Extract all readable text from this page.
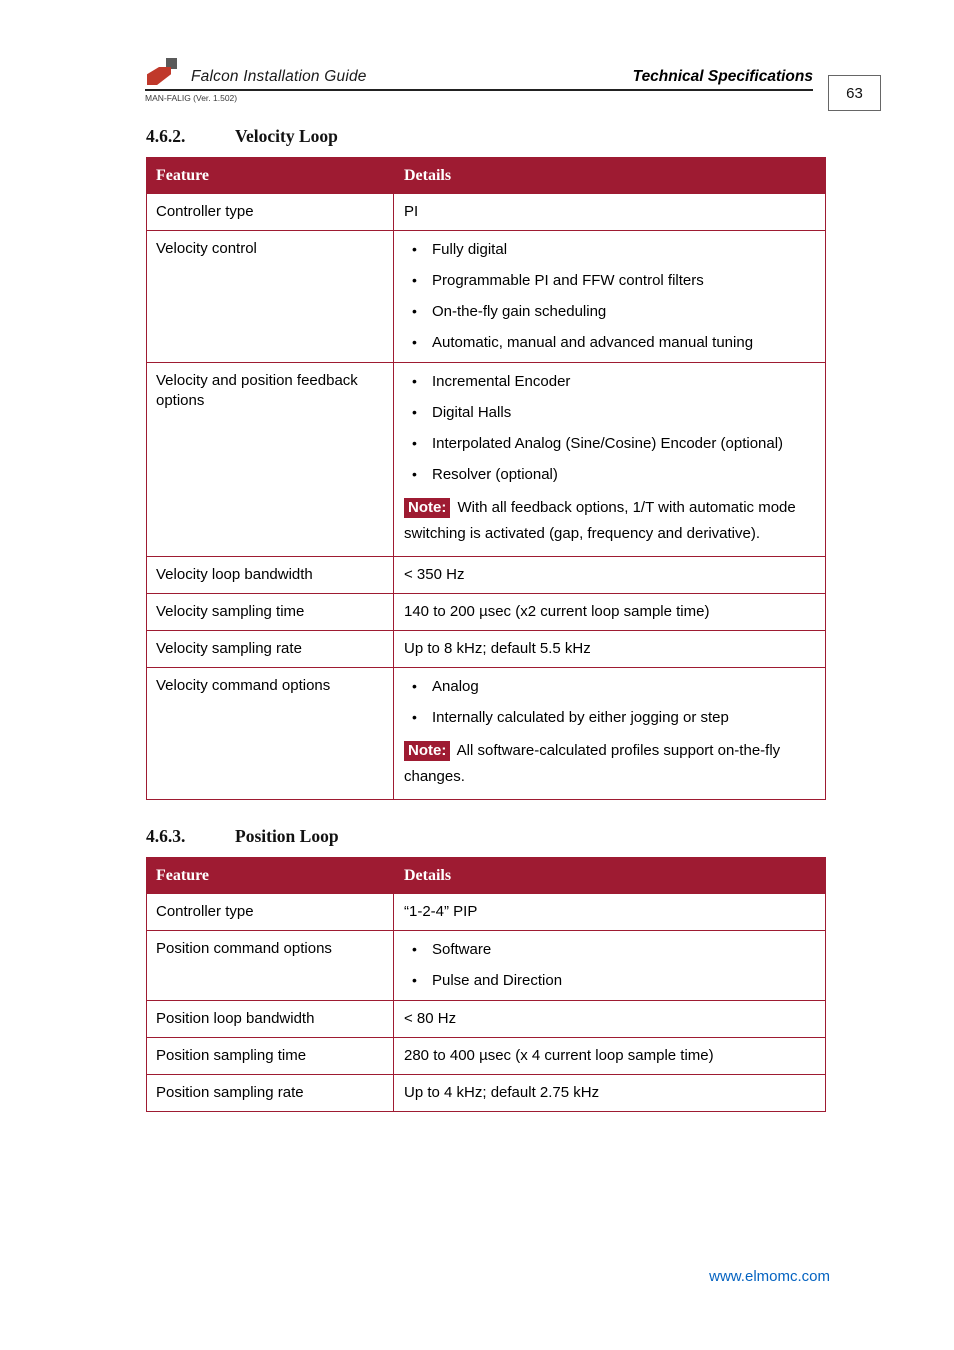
Falcon Installation Guide	Technical Specifications
MAN-FALIG (Ver. 1.502)	63
4.6.2.	Velocity Loop
Feature	Details
Controller type	PI
Velocity control	•	Fully digital
•	Programmable PI and FFW control filters
•	On-the-fly gain scheduling
•	Automatic, manual and advanced manual tuning
Velocity and position feedback options
•	Incremental Encoder
•	Digital Halls
•	Interpolated Analog (Sine/Cosine) Encoder (optional)
•	Resolver (optional)

Note: With all feedback options, 1/T with automatic mode switching is activated (gap, frequency and derivative).

Velocity loop bandwidth	< 350 Hz
Velocity sampling time	140 to 200 µsec (x2 current loop sample time)
Velocity sampling rate	Up to 8 kHz; default 5.5 kHz
Velocity command options	•	Analog
•	Internally calculated by either jogging or step

Note: All software-calculated profiles support on-the-fly changes.

4.6.3.	Position Loop
Feature	Details
Controller type	“1-2-4” PIP
Position command options	•	Software
•	Pulse and Direction
Position loop bandwidth	< 80 Hz
Position sampling time	280 to 400 µsec (x 4 current loop sample time)
Position sampling rate	Up to 4 kHz; default 2.75 kHz
www.elmomc.com
